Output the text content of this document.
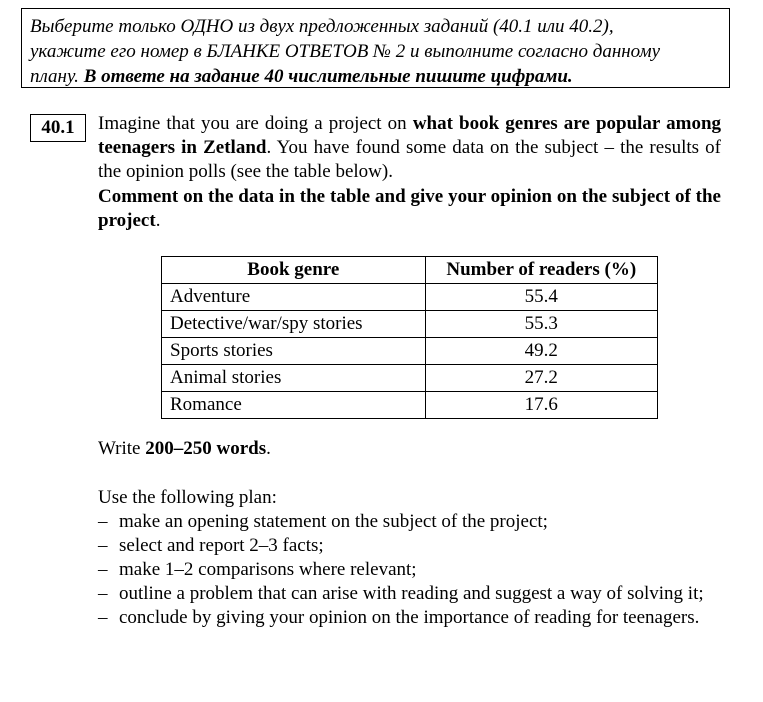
Выберите только ОДНО из двух предложенных заданий (40.1 или 40.2),
укажите его номер в БЛАНКЕ ОТВЕТОВ № 2 и выполните согласно данному
плану. В ответе на задание 40 числительные пишите цифрами.
40.1	Imagine that you are doing a project on what book genres are popular among teenagers in Zetland. You have found some data on the subject – the results of the opinion polls (see the table below).
Comment on the data in the table and give your opinion on the subject of the project.
Book genre	Number of readers (%)
Adventure	55.4
Detective/war/spy stories	55.3
Sports stories	49.2
Animal stories	27.2
Romance	17.6
Write 200–250 words.
Use the following plan:
– make an opening statement on the subject of the project;
– select and report 2–3 facts;
– make 1–2 comparisons where relevant;
– outline a problem that can arise with reading and suggest a way of solving it;
– conclude by giving your opinion on the importance of reading for teenagers.
